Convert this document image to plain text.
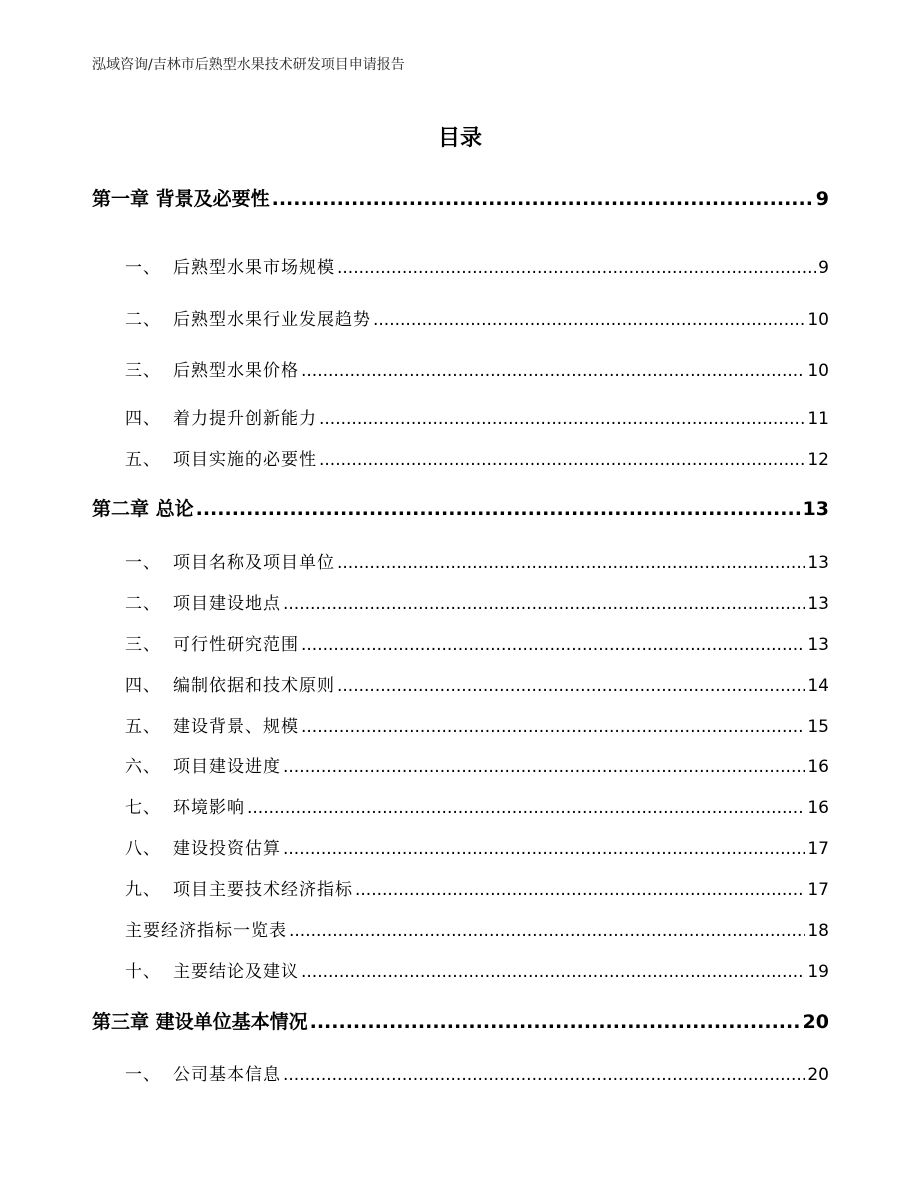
泓域咨询/吉林市后熟型水果技术研发项目申请报告
目录
第一章 背景及必要性 .....	9
一、 后熟型水果市场规模 .....	9
二、 后熟型水果行业发展趋势 .....	10
三、 后熟型水果价格 .....	10
四、 着力提升创新能力 .....	11
五、 项目实施的必要性 .....	12
第二章 总论 .....	13
一、 项目名称及项目单位 .....	13
二、 项目建设地点 .....	13
三、 可行性研究范围 .....	13
四、 编制依据和技术原则 .....	14
五、 建设背景、规模 .....	15
六、 项目建设进度 .....	16
七、 环境影响 .....	16
八、 建设投资估算 .....	17
九、 项目主要技术经济指标 .....	17
主要经济指标一览表 .....	18
十、 主要结论及建议 .....	19
第三章 建设单位基本情况 .....	20
一、 公司基本信息 .....	20
